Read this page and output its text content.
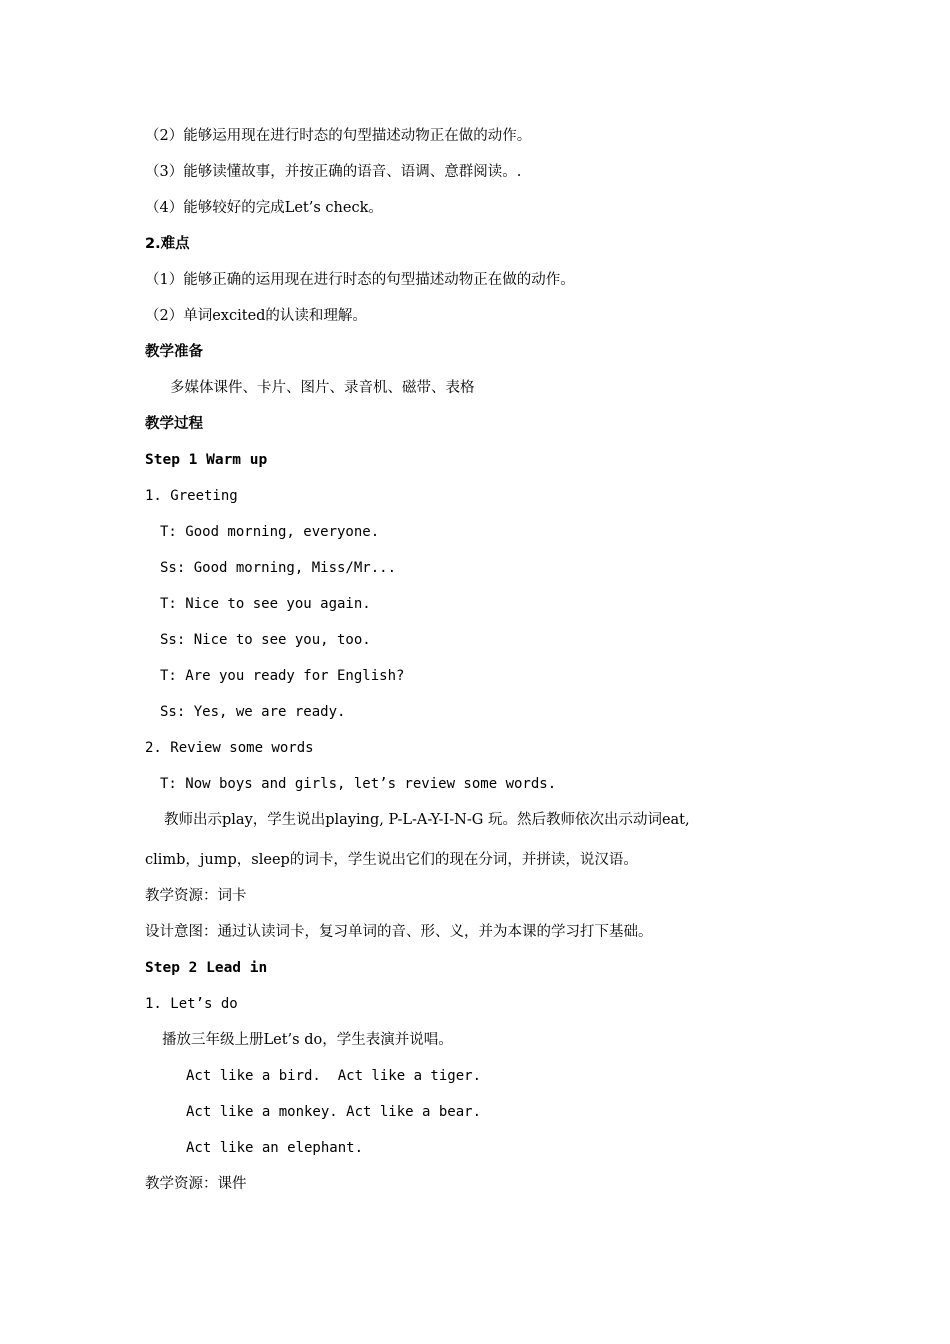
（2）能够运用现在进行时态的句型描述动物正在做的动作。
（3）能够读懂故事，并按正确的语音、语调、意群阅读。.
（4）能够较好的完成Let’s check。
2.难点
（1）能够正确的运用现在进行时态的句型描述动物正在做的动作。
（2）单词excited的认读和理解。
教学准备
多媒体课件、卡片、图片、录音机、磁带、表格
教学过程
Step 1 Warm up
1. Greeting
T: Good morning, everyone.
Ss: Good morning, Miss/Mr...
T: Nice to see you again.
Ss: Nice to see you, too.
T: Are you ready for English?
Ss: Yes, we are ready.
2. Review some words
T: Now boys and girls, let’s review some words.
教师出示play，学生说出playing, P-L-A-Y-I-N-G 玩。然后教师依次出示动词eat,
climb，jump，sleep的词卡，学生说出它们的现在分词，并拼读，说汉语。
教学资源：词卡
设计意图：通过认读词卡，复习单词的音、形、义，并为本课的学习打下基础。
Step 2 Lead in
1. Let’s do
播放三年级上册Let’s do，学生表演并说唱。
Act like a bird.  Act like a tiger.
Act like a monkey. Act like a bear.
Act like an elephant.
教学资源：课件
